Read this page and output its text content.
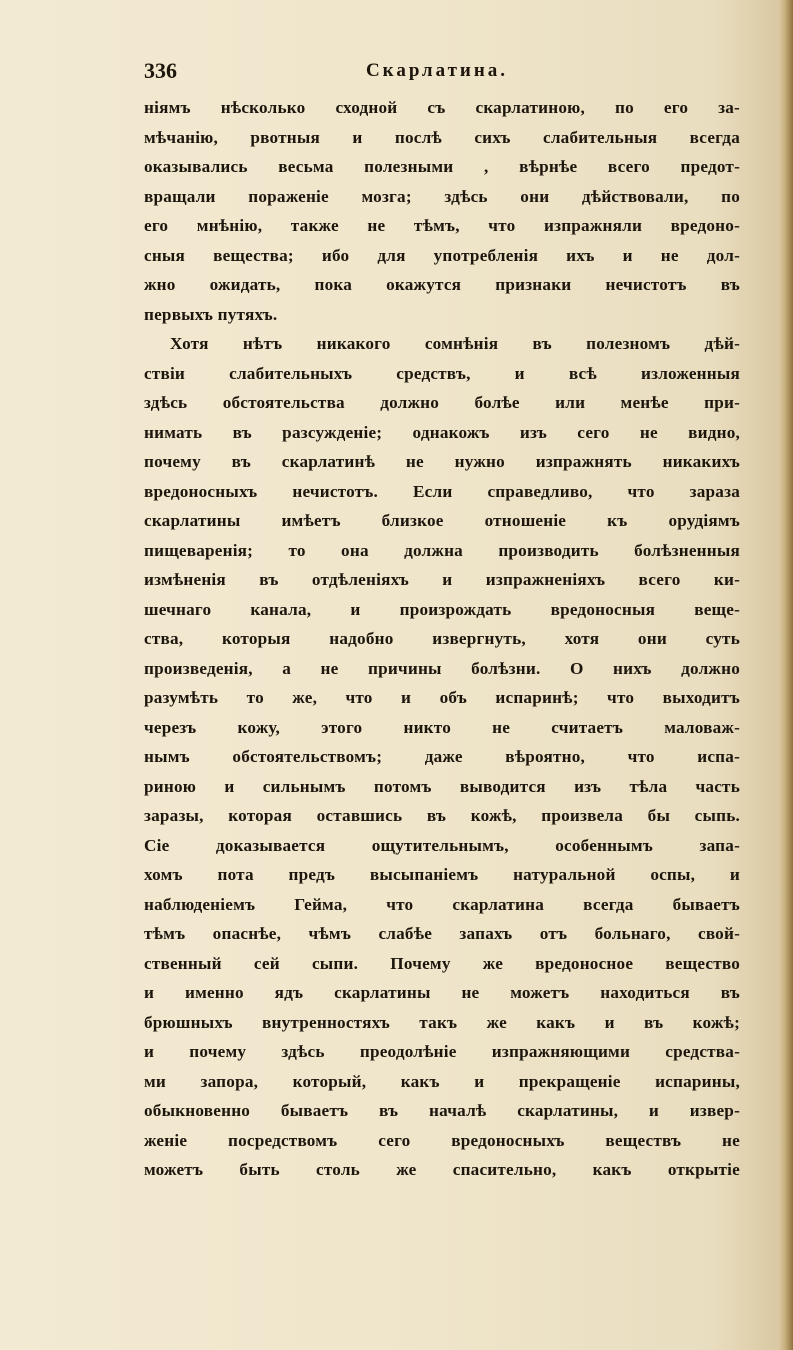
336	Скарлатина.
ніямъ нѣсколько сходной съ скарлатиною, по его за-
мѣчанію, рвотныя и послѣ сихъ слабительныя всегда
оказывались весьма полезными , вѣрнѣе всего предот-
вращали пораженіе мозга; здѣсь они дѣйствовали, по
его мнѣнію, также не тѣмъ, что изпражняли вредоно-
сныя вещества; ибо для употребленія ихъ и не дол-
жно ожидать, пока окажутся признаки нечистотъ въ
первыхъ путяхъ.
Хотя нѣтъ никакого сомнѣнія въ полезномъ дѣй-
ствіи слабительныхъ средствъ, и всѣ изложенныя
здѣсь обстоятельства должно болѣе или менѣе при-
нимать въ разсужденіе; однакожъ изъ сего не видно,
почему въ скарлатинѣ не нужно изпражнять никакихъ
вредоносныхъ нечистотъ. Если справедливо, что зараза
скарлатины имѣетъ близкое отношеніе къ орудіямъ
пищеваренія; то она должна производить болѣзненныя
измѣненія въ отдѣленіяхъ и изпражненіяхъ всего ки-
шечнаго канала, и произрождать вредоносныя веще-
ства, которыя надобно извергнуть, хотя они суть
произведенія, а не причины болѣзни. О нихъ должно
разумѣть то же, что и объ испаринѣ; что выходитъ
черезъ кожу, этого никто не считаетъ маловаж-
нымъ обстоятельствомъ; даже вѣроятно, что испа-
риною и сильнымъ потомъ выводится изъ тѣла часть
заразы, которая оставшись въ кожѣ, произвела бы сыпь.
Сіе доказывается ощутительнымъ, особеннымъ запа-
хомъ пота предъ высыпаніемъ натуральной оспы, и
наблюденіемъ Гейма, что скарлатина всегда бываетъ
тѣмъ опаснѣе, чѣмъ слабѣе запахъ отъ больнаго, свой-
ственный сей сыпи. Почему же вредоносное вещество
и именно ядъ скарлатины не можетъ находиться въ
брюшныхъ внутренностяхъ такъ же какъ и въ кожѣ;
и почему здѣсь преодолѣніе изпражняющими средства-
ми запора, который, какъ и прекращеніе испарины,
обыкновенно бываетъ въ началѣ скарлатины, и извер-
женіе посредствомъ сего вредоносныхъ веществъ не
можетъ быть столь же спасительно, какъ открытіе
